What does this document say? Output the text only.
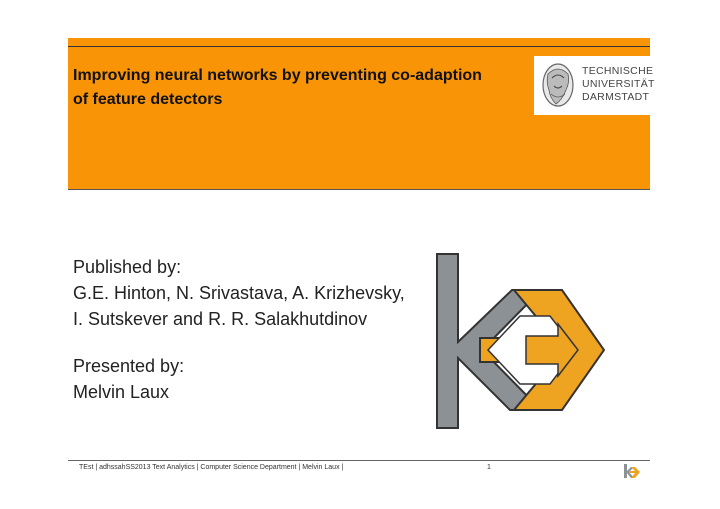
Improving neural networks by preventing co-adaption of feature detectors
TECHNISCHE
UNIVERSITÄT
DARMSTADT
Published by:
G.E. Hinton, N. Srivastava, A. Krizhevsky,
I. Sutskever and R. R. Salakhutdinov
Presented by:
Melvin Laux
TEst | adhssahSS2013 Text Analytics | Computer Science Department | Melvin Laux |	1
